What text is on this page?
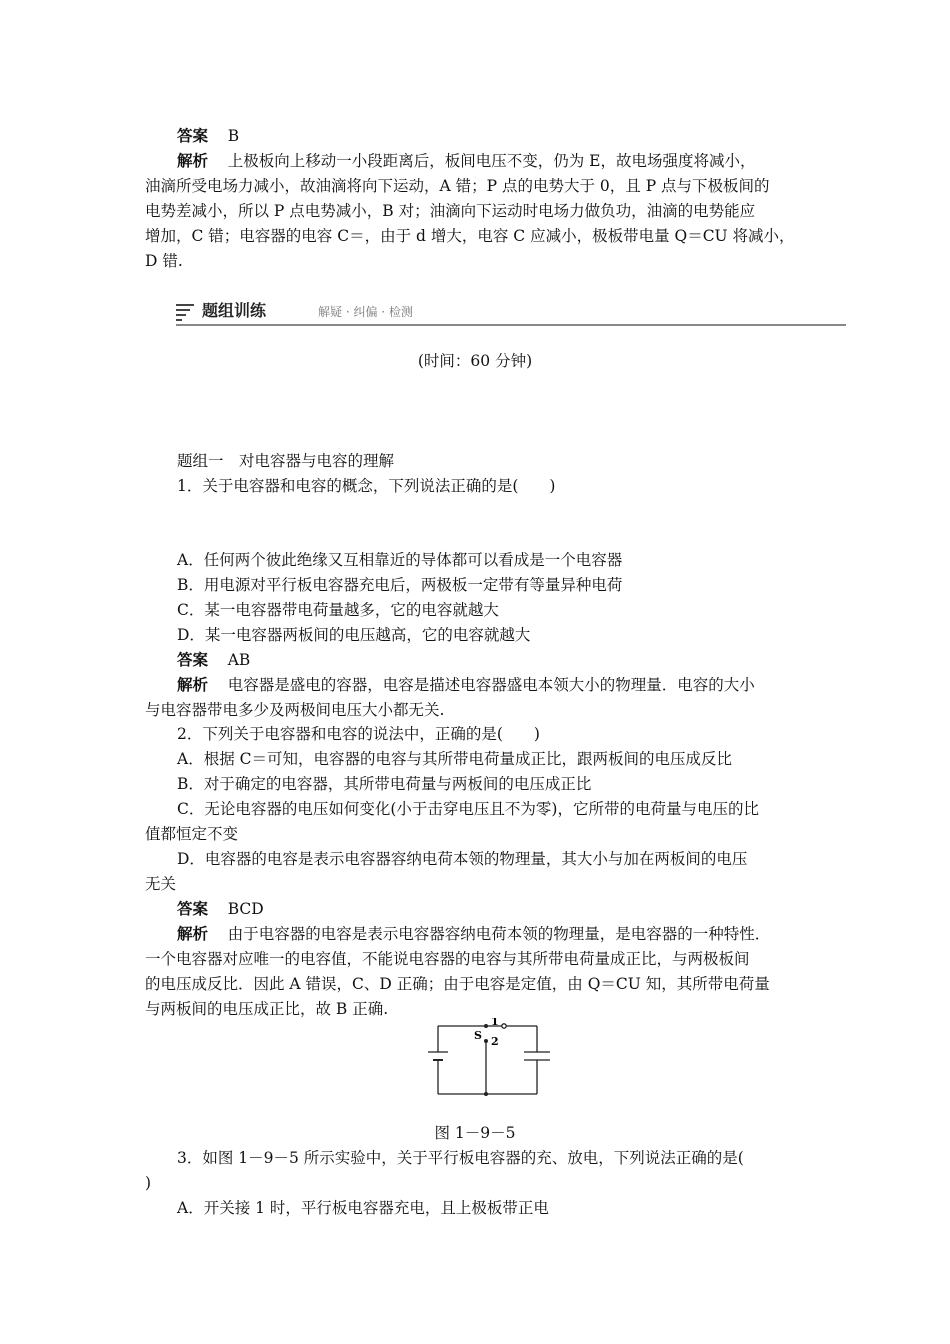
答案 B
解析 上极板向上移动一小段距离后，板间电压不变，仍为 E，故电场强度将减小，
油滴所受电场力减小，故油滴将向下运动，A 错；P 点的电势大于 0，且 P 点与下极板间的
电势差减小，所以 P 点电势减小，B 对；油滴向下运动时电场力做负功，油滴的电势能应
增加，C 错；电容器的电容 C＝，由于 d 增大，电容 C 应减小，极板带电量 Q＝CU 将减小，
D 错.
题组训练	解疑 · 纠偏 · 检测
(时间：60 分钟)
题组一　对电容器与电容的理解
1．关于电容器和电容的概念，下列说法正确的是(　　)
A．任何两个彼此绝缘又互相靠近的导体都可以看成是一个电容器
B．用电源对平行板电容器充电后，两极板一定带有等量异种电荷
C．某一电容器带电荷量越多，它的电容就越大
D．某一电容器两板间的电压越高，它的电容就越大
答案 AB
解析 电容器是盛电的容器，电容是描述电容器盛电本领大小的物理量．电容的大小
与电容器带电多少及两极间电压大小都无关.
2．下列关于电容器和电容的说法中，正确的是(　　)
A．根据 C＝可知，电容器的电容与其所带电荷量成正比，跟两板间的电压成反比
B．对于确定的电容器，其所带电荷量与两板间的电压成正比
C．无论电容器的电压如何变化(小于击穿电压且不为零)，它所带的电荷量与电压的比
值都恒定不变
D．电容器的电容是表示电容器容纳电荷本领的物理量，其大小与加在两板间的电压
无关
答案 BCD
解析 由于电容器的电容是表示电容器容纳电荷本领的物理量，是电容器的一种特性．
一个电容器对应唯一的电容值，不能说电容器的电容与其所带电荷量成正比，与两极板间
的电压成反比．因此 A 错误，C、D 正确；由于电容是定值，由 Q＝CU 知，其所带电荷量
与两板间的电压成正比，故 B 正确.
S
1
2
图 1－9－5
3．如图 1－9－5 所示实验中，关于平行板电容器的充、放电，下列说法正确的是(
)
A．开关接 1 时，平行板电容器充电，且上极板带正电
